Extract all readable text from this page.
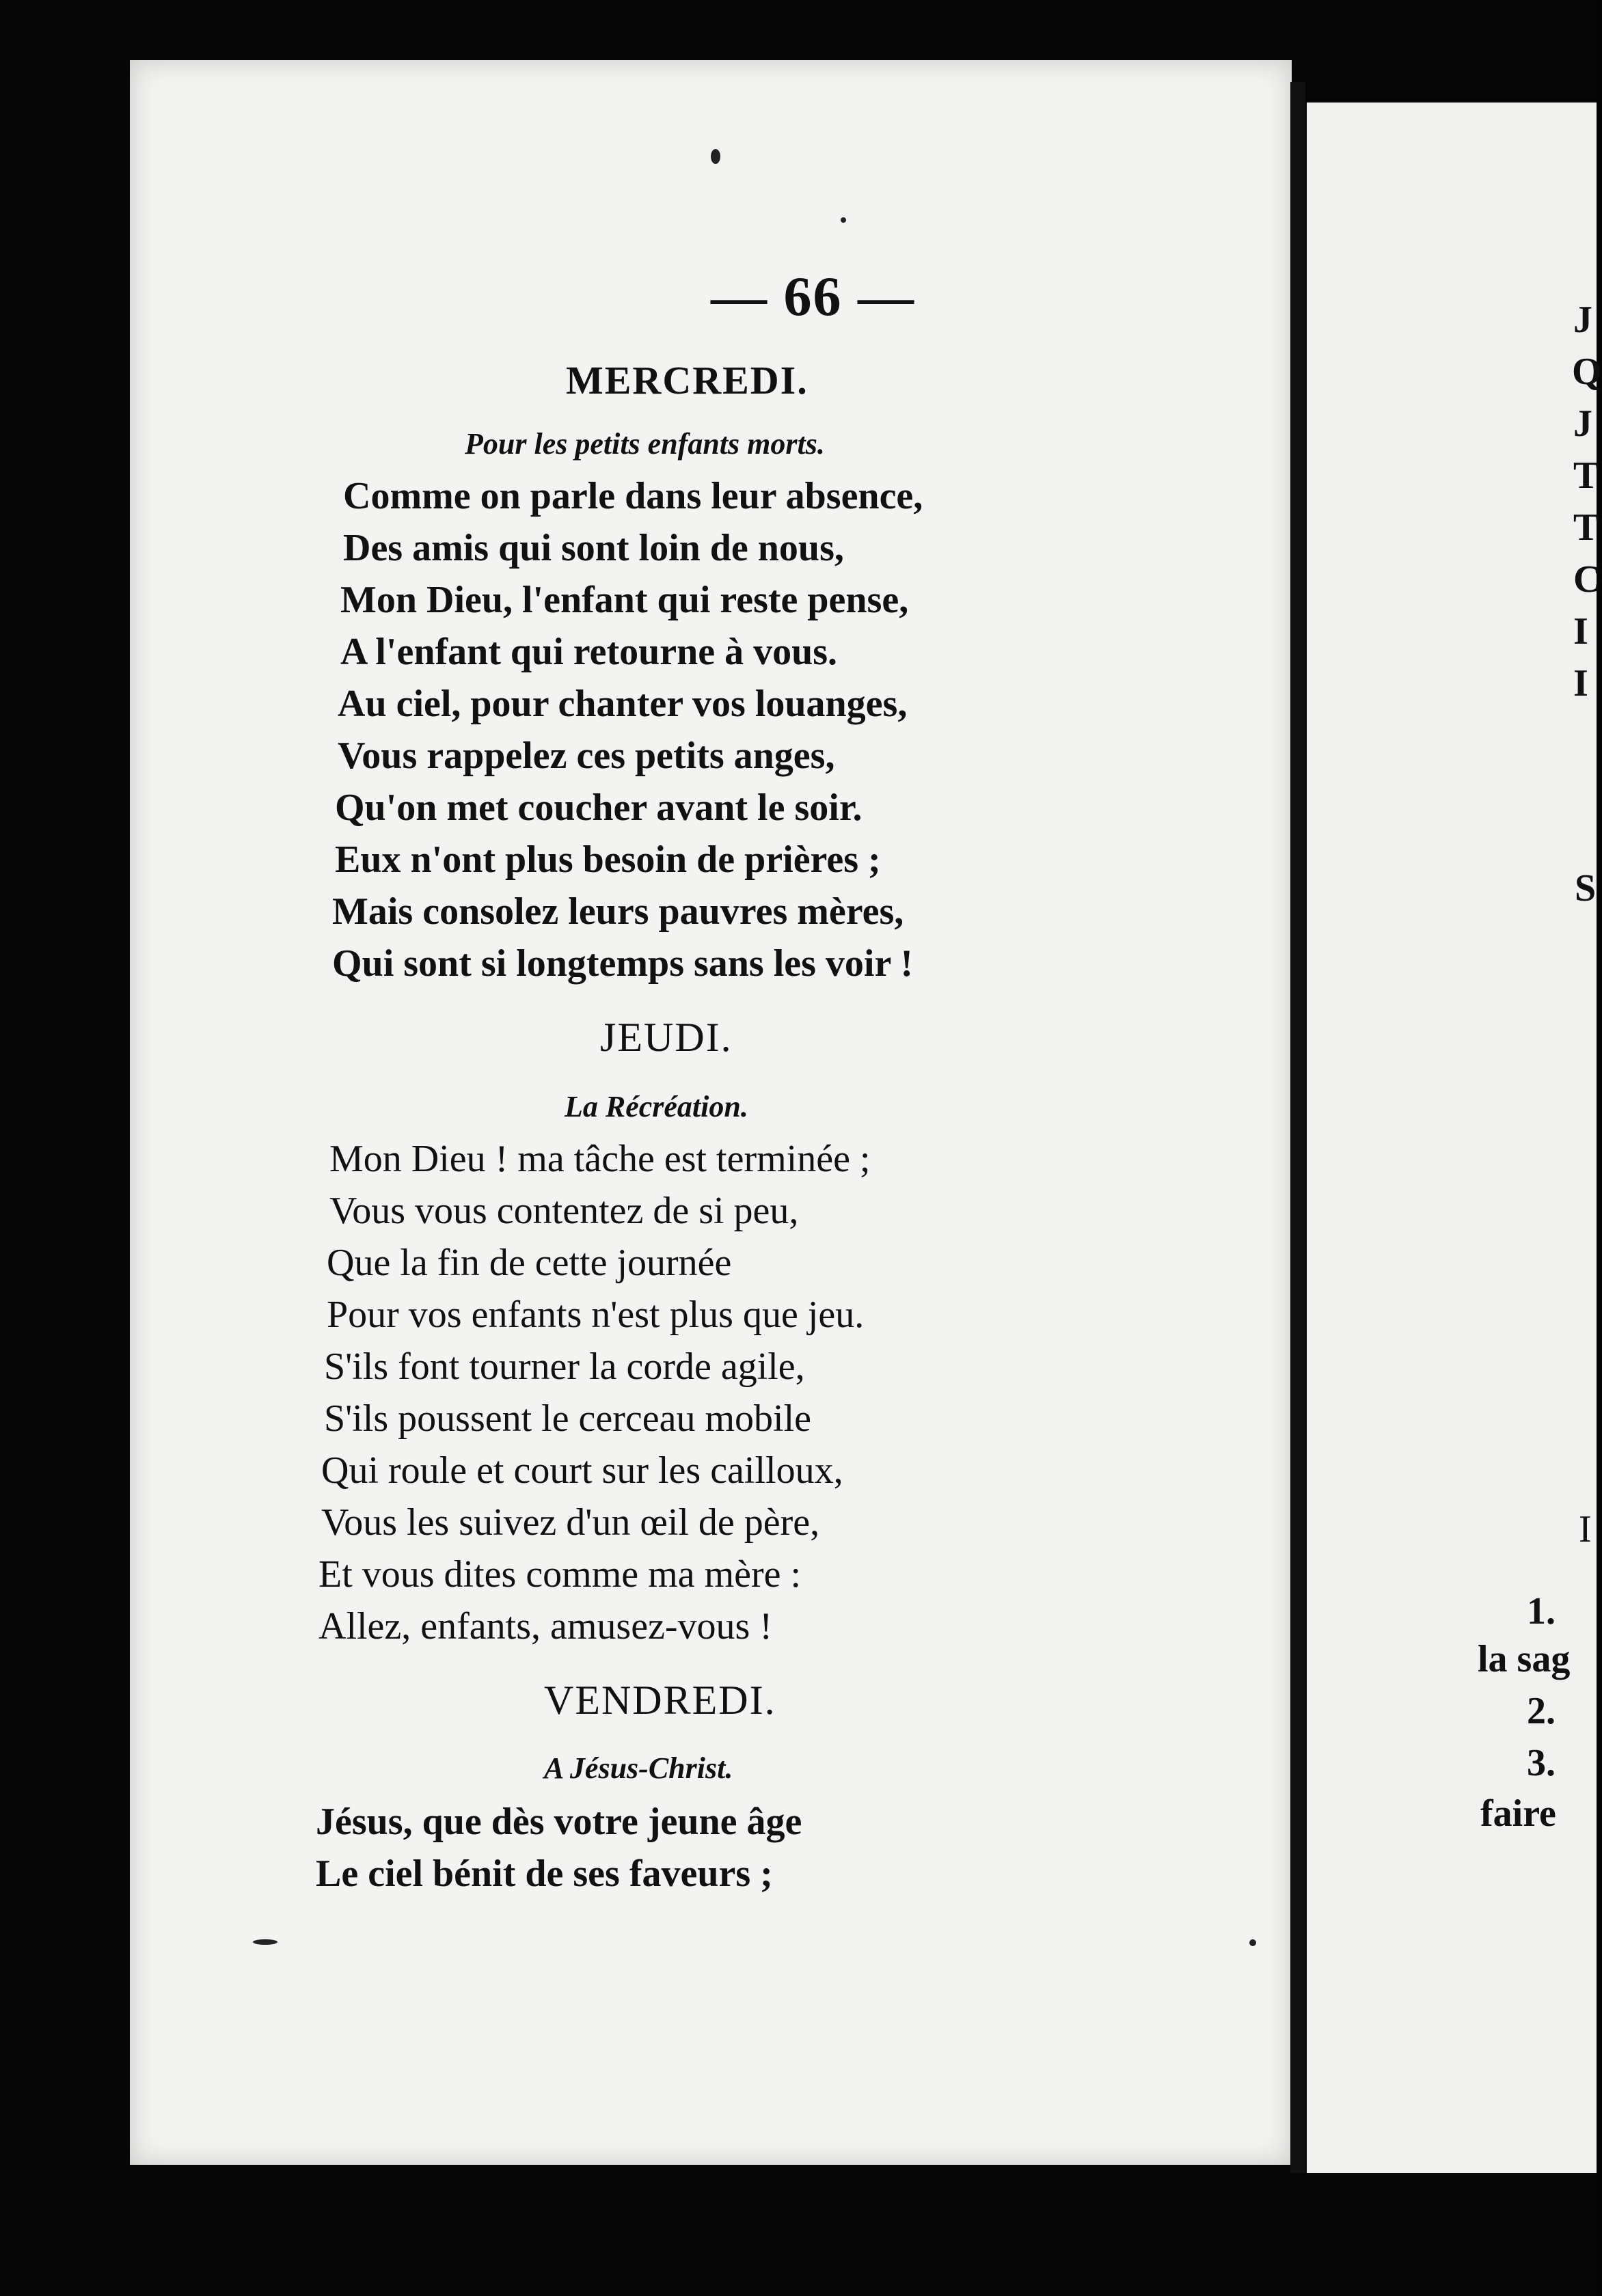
— 66 —
MERCREDI.
Pour les petits enfants morts.
Comme on parle dans leur absence,
Des amis qui sont loin de nous,
Mon Dieu, l'enfant qui reste pense,
A l'enfant qui retourne à vous.
Au ciel, pour chanter vos louanges,
Vous rappelez ces petits anges,
Qu'on met coucher avant le soir.
Eux n'ont plus besoin de prières ;
Mais consolez leurs pauvres mères,
Qui sont si longtemps sans les voir !
JEUDI.
La Récréation.
Mon Dieu ! ma tâche est terminée ;
Vous vous contentez de si peu,
Que la fin de cette journée
Pour vos enfants n'est plus que jeu.
S'ils font tourner la corde agile,
S'ils poussent le cerceau mobile
Qui roule et court sur les cailloux,
Vous les suivez d'un œil de père,
Et vous dites comme ma mère :
Allez, enfants, amusez-vous !
VENDREDI.
A Jésus-Christ.
Jésus, que dès votre jeune âge
Le ciel bénit de ses faveurs ;
J
Q
J
T
T
C
I
I
S
I
1.
la sag
2.
3.
faire
